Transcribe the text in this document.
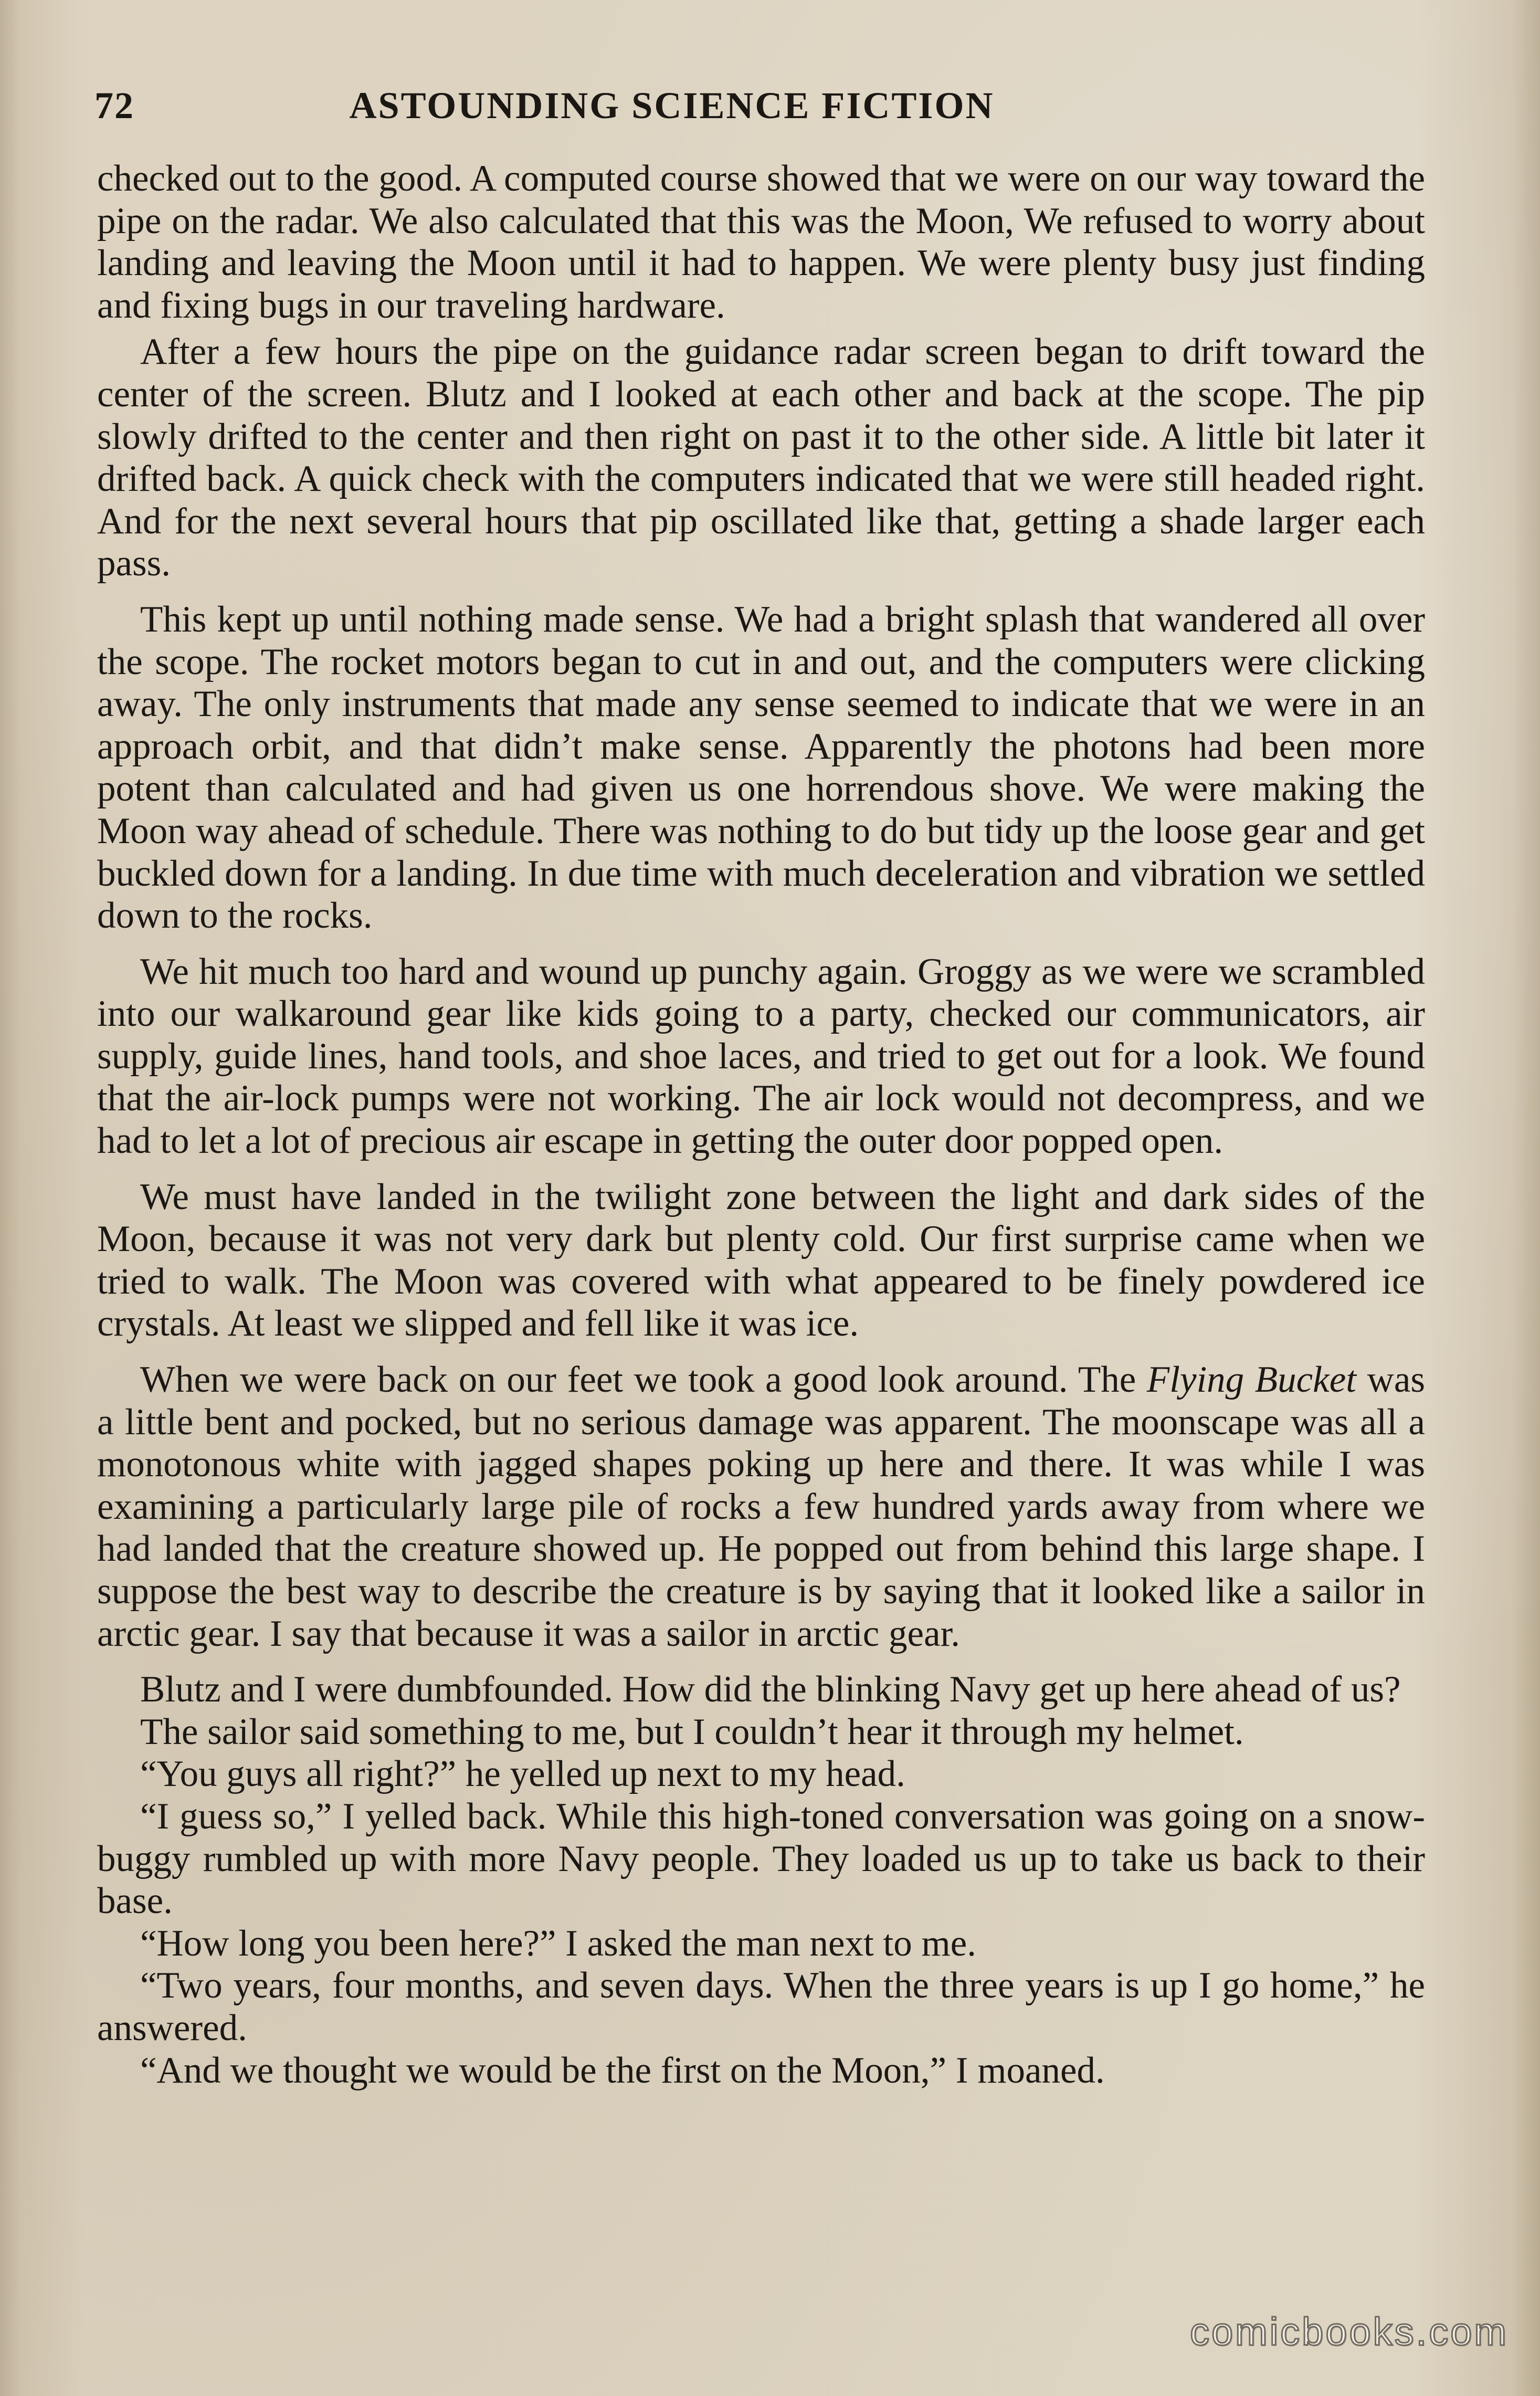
72	ASTOUNDING SCIENCE FICTION

checked out to the good. A computed course showed that we were on our way toward the pipe on the radar. We also calculated that this was the Moon, We refused to worry about landing and leaving the Moon until it had to happen. We were plenty busy just finding and fixing bugs in our traveling hardware.

After a few hours the pipe on the guidance radar screen began to drift toward the center of the screen. Blutz and I looked at each other and back at the scope. The pip slowly drifted to the center and then right on past it to the other side. A little bit later it drifted back. A quick check with the computers indicated that we were still headed right. And for the next several hours that pip oscillated like that, getting a shade larger each pass.

This kept up until nothing made sense. We had a bright splash that wandered all over the scope. The rocket motors began to cut in and out, and the computers were clicking away. The only instruments that made any sense seemed to indicate that we were in an approach orbit, and that didn’t make sense. Apparently the photons had been more potent than calculated and had given us one horrendous shove. We were making the Moon way ahead of schedule. There was nothing to do but tidy up the loose gear and get buckled down for a landing. In due time with much deceleration and vibration we settled down to the rocks.

We hit much too hard and wound up punchy again. Groggy as we were we scrambled into our walkaround gear like kids going to a party, checked our communicators, air supply, guide lines, hand tools, and shoe laces, and tried to get out for a look. We found that the air-lock pumps were not working. The air lock would not decompress, and we had to let a lot of precious air escape in getting the outer door popped open.

We must have landed in the twilight zone between the light and dark sides of the Moon, because it was not very dark but plenty cold. Our first surprise came when we tried to walk. The Moon was covered with what appeared to be finely powdered ice crystals. At least we slipped and fell like it was ice.

When we were back on our feet we took a good look around. The Flying Bucket was a little bent and pocked, but no serious damage was apparent. The moonscape was all a monotonous white with jagged shapes poking up here and there. It was while I was examining a particularly large pile of rocks a few hundred yards away from where we had landed that the creature showed up. He popped out from behind this large shape. I suppose the best way to describe the creature is by saying that it looked like a sailor in arctic gear. I say that because it was a sailor in arctic gear.

Blutz and I were dumbfounded. How did the blinking Navy get up here ahead of us?

The sailor said something to me, but I couldn’t hear it through my helmet.

“You guys all right?” he yelled up next to my head.

“I guess so,” I yelled back. While this high-toned conversation was going on a snow-buggy rumbled up with more Navy people. They loaded us up to take us back to their base.

“How long you been here?” I asked the man next to me.

“Two years, four months, and seven days. When the three years is up I go home,” he answered.

“And we thought we would be the first on the Moon,” I moaned.

comicbooks.com
